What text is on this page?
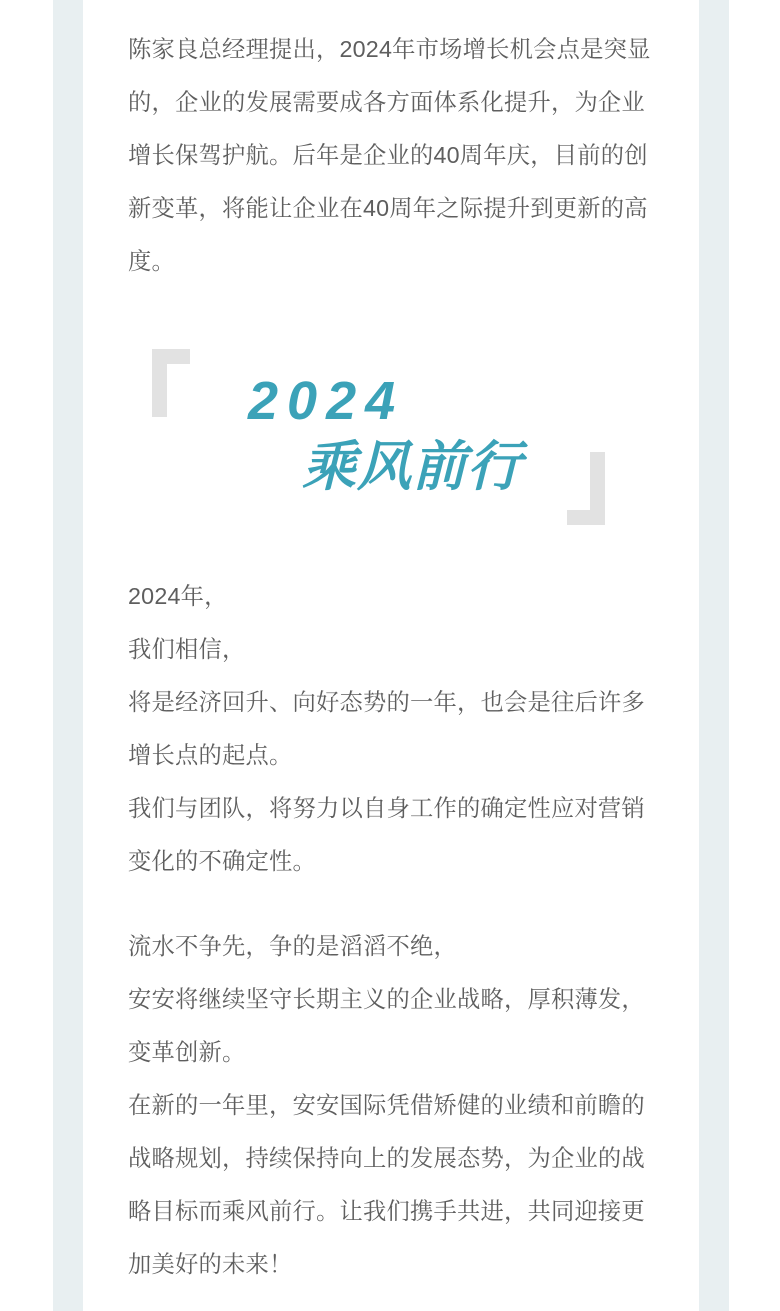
陈家良总经理提出，2024年市场增长机会点是突显
的，企业的发展需要成各方面体系化提升，为企业
增长保驾护航。后年是企业的40周年庆，目前的创
新变革，将能让企业在40周年之际提升到更新的高
度。
2024
乘风前行
2024年，
我们相信，
将是经济回升、向好态势的一年，也会是往后许多
增长点的起点。
我们与团队，将努力以自身工作的确定性应对营销
变化的不确定性。
流水不争先，争的是滔滔不绝，
安安将继续坚守长期主义的企业战略，厚积薄发，
变革创新。
在新的一年里，安安国际凭借矫健的业绩和前瞻的
战略规划，持续保持向上的发展态势，为企业的战
略目标而乘风前行。让我们携手共进，共同迎接更
加美好的未来！
